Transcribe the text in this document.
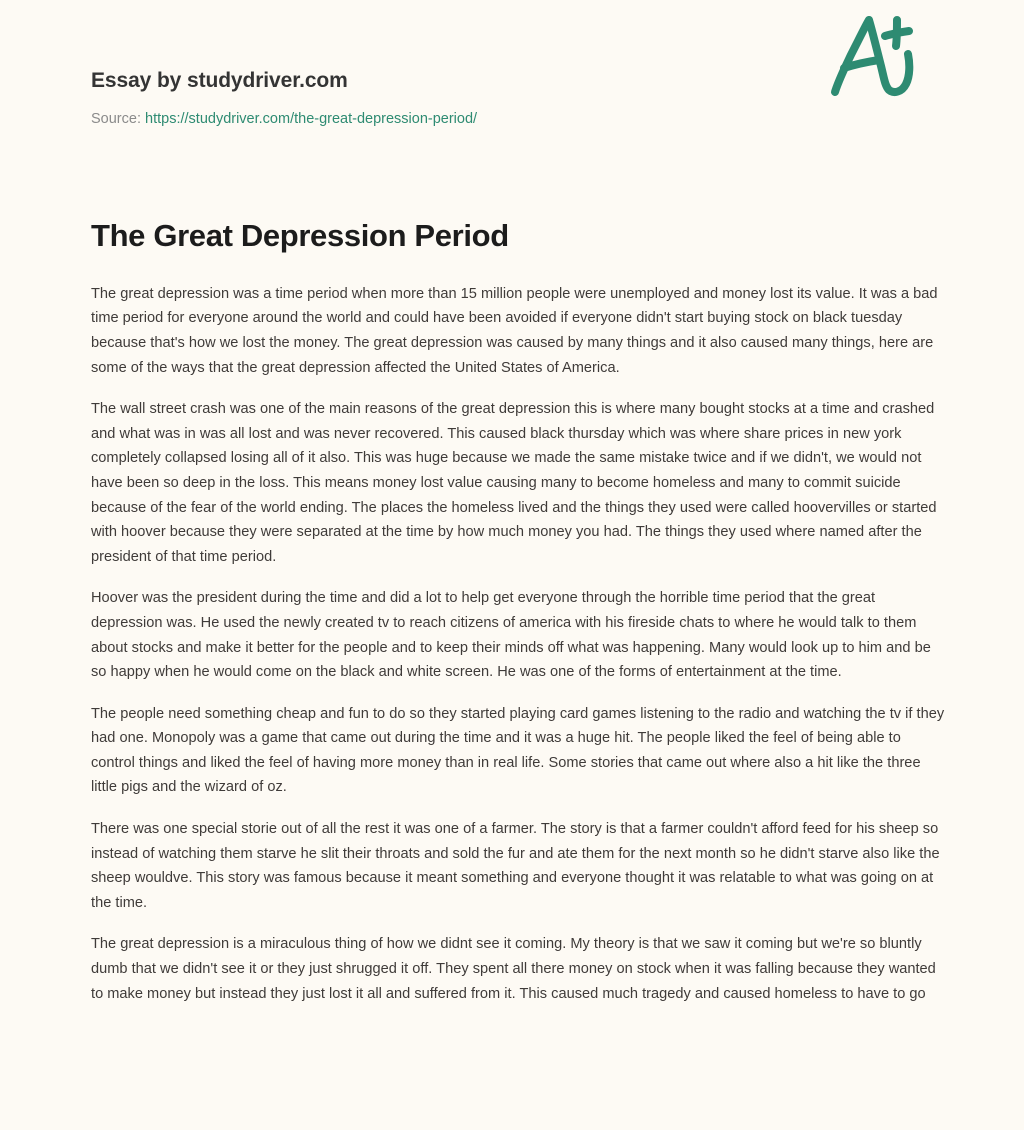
Essay by studydriver.com
Source: https://studydriver.com/the-great-depression-period/
The Great Depression Period

The great depression was a time period when more than 15 million people were unemployed and money lost its value. It was a bad time period for everyone around the world and could have been avoided if everyone didn't start buying stock on black tuesday because that's how we lost the money. The great depression was caused by many things and it also caused many things, here are some of the ways that the great depression affected the United States of America.

The wall street crash was one of the main reasons of the great depression this is where many bought stocks at a time and crashed and what was in was all lost and was never recovered. This caused black thursday which was where share prices in new york completely collapsed losing all of it also. This was huge because we made the same mistake twice and if we didn't, we would not have been so deep in the loss. This means money lost value causing many to become homeless and many to commit suicide because of the fear of the world ending. The places the homeless lived and the things they used were called hoovervilles or started with hoover because they were separated at the time by how much money you had. The things they used where named after the president of that time period.

Hoover was the president during the time and did a lot to help get everyone through the horrible time period that the great depression was. He used the newly created tv to reach citizens of america with his fireside chats to where he would talk to them about stocks and make it better for the people and to keep their minds off what was happening. Many would look up to him and be so happy when he would come on the black and white screen. He was one of the forms of entertainment at the time.

The people need something cheap and fun to do so they started playing card games listening to the radio and watching the tv if they had one. Monopoly was a game that came out during the time and it was a huge hit. The people liked the feel of being able to control things and liked the feel of having more money than in real life. Some stories that came out where also a hit like the three little pigs and the wizard of oz.

There was one special storie out of all the rest it was one of a farmer. The story is that a farmer couldn't afford feed for his sheep so instead of watching them starve he slit their throats and sold the fur and ate them for the next month so he didn't starve also like the sheep wouldve. This story was famous because it meant something and everyone thought it was relatable to what was going on at the time.

The great depression is a miraculous thing of how we didnt see it coming. My theory is that we saw it coming but we're so bluntly dumb that we didn't see it or they just shrugged it off. They spent all there money on stock when it was falling because they wanted to make money but instead they just lost it all and suffered from it. This caused much tragedy and caused homeless to have to go
